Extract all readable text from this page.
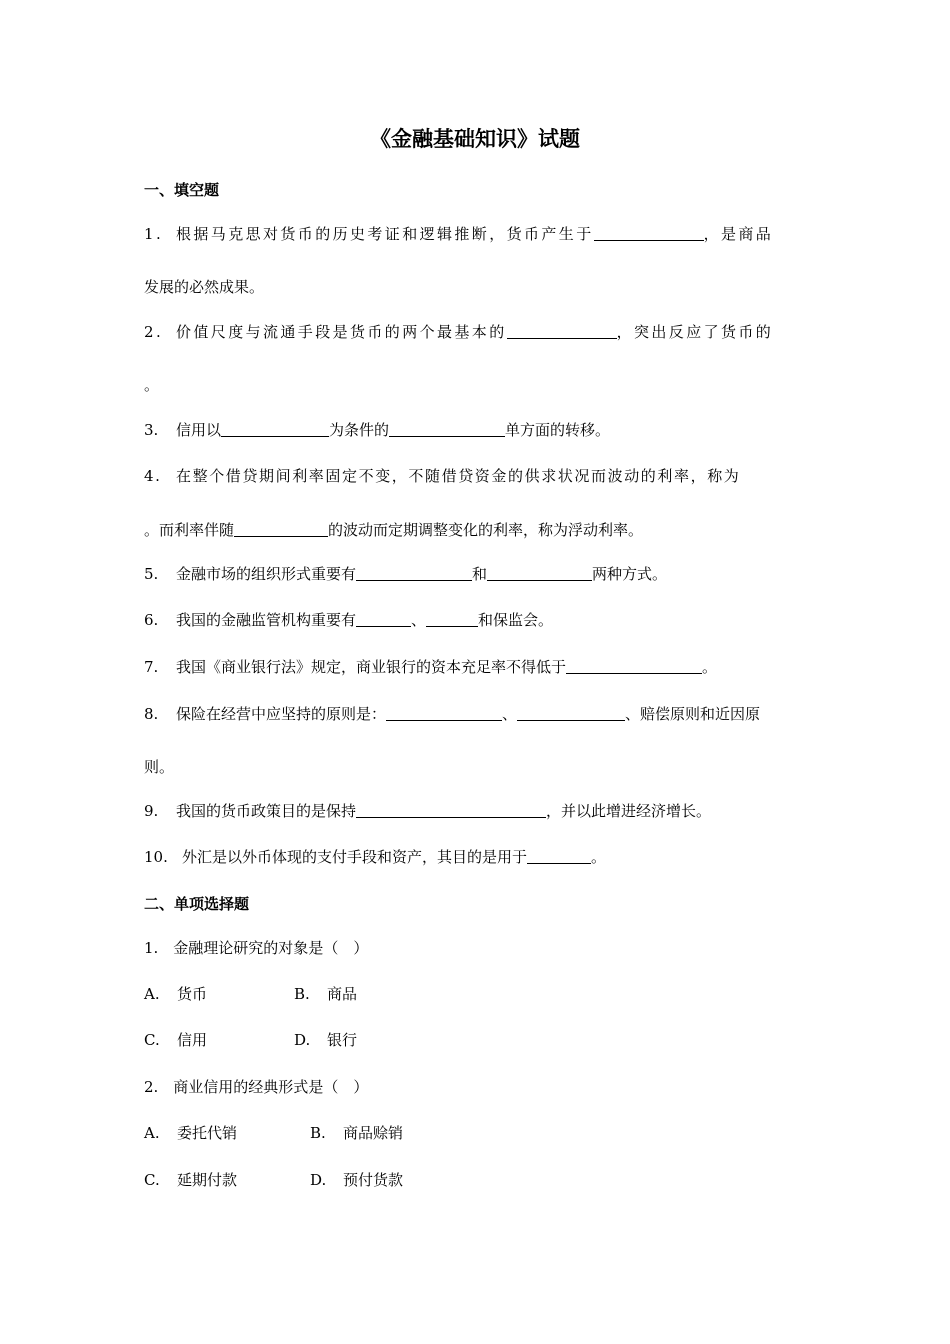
《金融基础知识》试题
一、填空题
1. 根据马克思对货币的历史考证和逻辑推断，货币产生于	，是商品
发展的必然成果。
2. 价值尺度与流通手段是货币的两个最基本的	，突出反应了货币的
。
3. 信用以	为条件的	单方面的转移。
4. 在整个借贷期间利率固定不变，不随借贷资金的供求状况而波动的利率，称为
。而利率伴随	的波动而定期调整变化的利率，称为浮动利率。
5. 金融市场的组织形式重要有	和	两种方式。
6. 我国的金融监管机构重要有	、	和保监会。
7. 我国《商业银行法》规定，商业银行的资本充足率不得低于	。
8. 保险在经营中应坚持的原则是：	、	、赔偿原则和近因原
则。
9. 我国的货币政策目的是保持	，并以此增进经济增长。
10. 外汇是以外币体现的支付手段和资产，其目的是用于	。
二、单项选择题
1.　金融理论研究的对象是（　）
A. 货币	B. 商品
C. 信用	D. 银行
2.　商业信用的经典形式是（　）
A. 委托代销	B. 商品赊销
C. 延期付款	D. 预付货款
